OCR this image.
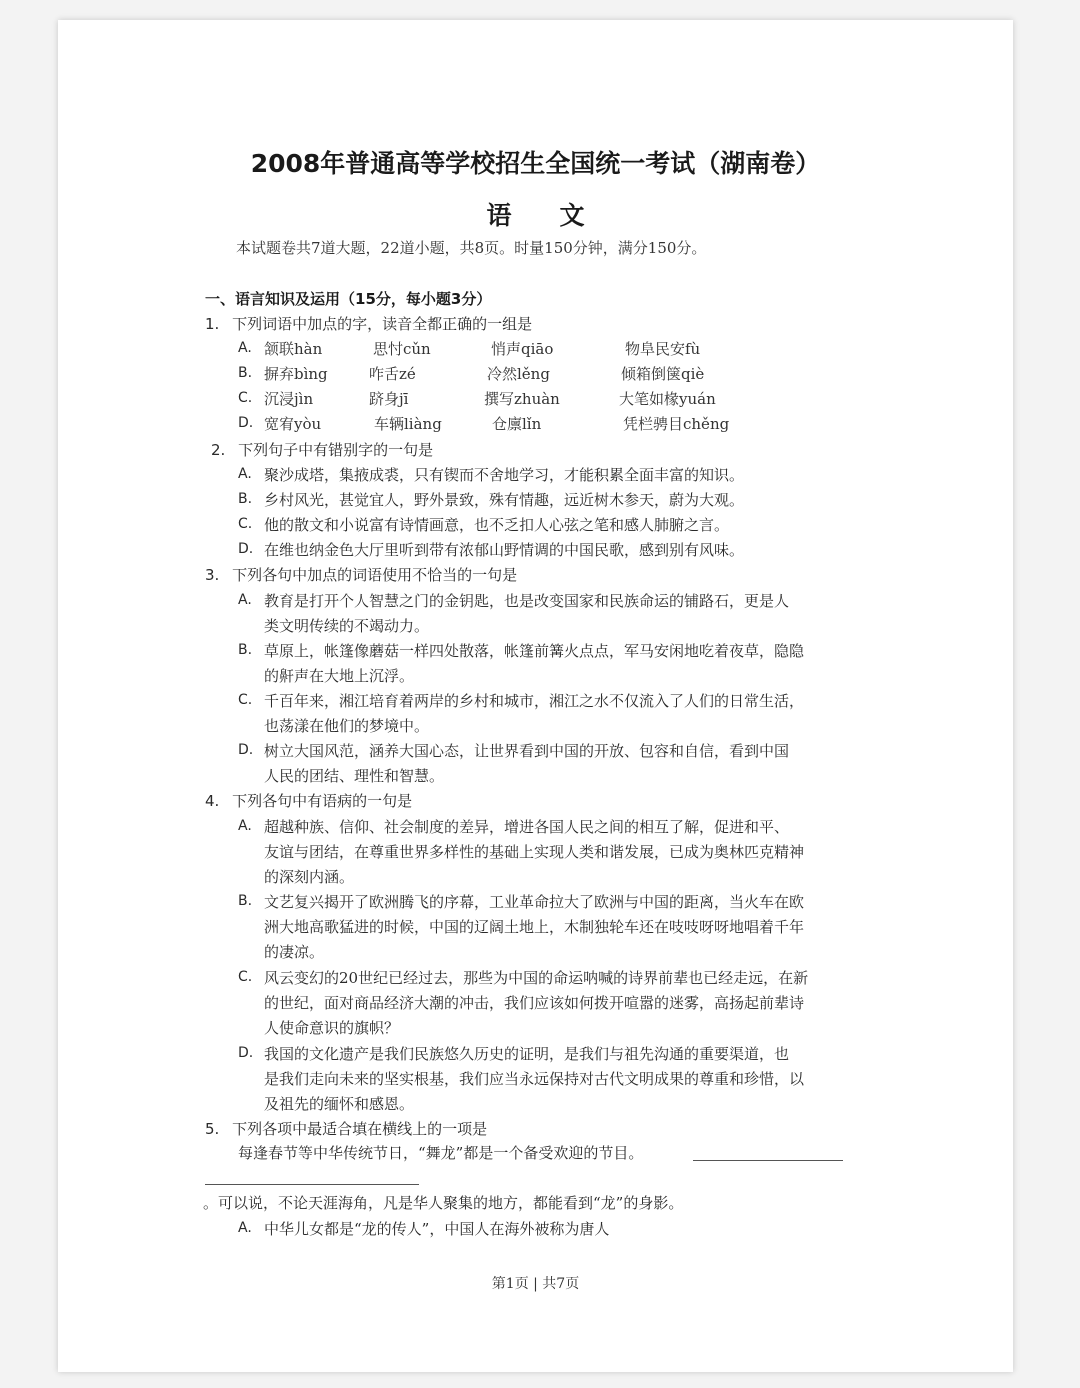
2008年普通高等学校招生全国统一考试（湖南卷）
语文
本试题卷共7道大题，22道小题，共8页。时量150分钟，满分150分。
一、语言知识及运用（15分，每小题3分）
1. 下列词语中加点的字，读音全都正确的一组是
A. 颔联hàn	思忖cǔn	悄声qiāo	物阜民安fù
B. 摒弃bìng	咋舌zé	冷然lěng	倾箱倒箧qiè
C. 沉浸jìn	跻身jī	撰写zhuàn	大笔如椽yuán
D. 宽宥yòu	车辆liàng	仓廪lǐn	凭栏骋目chěng
2. 下列句子中有错别字的一句是
A. 聚沙成塔，集掖成裘，只有锲而不舍地学习，才能积累全面丰富的知识。
B. 乡村风光，甚觉宜人，野外景致，殊有情趣，远近树木参天，蔚为大观。
C. 他的散文和小说富有诗情画意，也不乏扣人心弦之笔和感人肺腑之言。
D. 在维也纳金色大厅里听到带有浓郁山野情调的中国民歌，感到别有风味。
3. 下列各句中加点的词语使用不恰当的一句是
A. 教育是打开个人智慧之门的金钥匙，也是改变国家和民族命运的铺路石，更是人
类文明传续的不竭动力。
B. 草原上，帐篷像蘑菇一样四处散落，帐篷前篝火点点，军马安闲地吃着夜草，隐隐
的鼾声在大地上沉浮。
C. 千百年来，湘江培育着两岸的乡村和城市，湘江之水不仅流入了人们的日常生活，
也荡漾在他们的梦境中。
D. 树立大国风范，涵养大国心态，让世界看到中国的开放、包容和自信，看到中国
人民的团结、理性和智慧。
4. 下列各句中有语病的一句是
A. 超越种族、信仰、社会制度的差异，增进各国人民之间的相互了解，促进和平、
友谊与团结，在尊重世界多样性的基础上实现人类和谐发展，已成为奥林匹克精神
的深刻内涵。
B. 文艺复兴揭开了欧洲腾飞的序幕，工业革命拉大了欧洲与中国的距离，当火车在欧
洲大地高歌猛进的时候，中国的辽阔土地上，木制独轮车还在吱吱呀呀地唱着千年
的凄凉。
C. 风云变幻的20世纪已经过去，那些为中国的命运呐喊的诗界前辈也已经走远，在新
的世纪，面对商品经济大潮的冲击，我们应该如何拨开喧嚣的迷雾，高扬起前辈诗
人使命意识的旗帜？
D. 我国的文化遗产是我们民族悠久历史的证明，是我们与祖先沟通的重要渠道，也
是我们走向未来的坚实根基，我们应当永远保持对古代文明成果的尊重和珍惜，以
及祖先的缅怀和感恩。
5. 下列各项中最适合填在横线上的一项是
每逢春节等中华传统节日，“舞龙”都是一个备受欢迎的节目。
。可以说，不论天涯海角，凡是华人聚集的地方，都能看到“龙”的身影。
A. 中华儿女都是“龙的传人”，中国人在海外被称为唐人
第1页 | 共7页
